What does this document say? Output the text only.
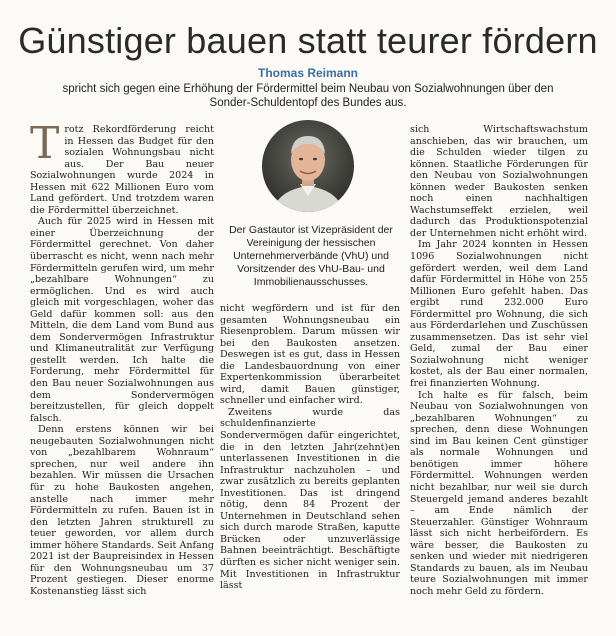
Günstiger bauen statt teurer fördern
Thomas Reimann
spricht sich gegen eine Erhöhung der Fördermittel beim Neubau von Sozialwohnungen über den Sonder-Schuldentopf des Bundes aus.

Trotz Rekordförderung reicht in Hessen das Budget für den sozialen Wohnungsbau nicht aus. Der Bau neuer Sozialwohnungen wurde 2024 in Hessen mit 622 Millionen Euro vom Land gefördert. Und trotzdem waren die Fördermittel überzeichnet.

Auch für 2025 wird in Hessen mit einer Überzeichnung der Fördermittel gerechnet. Von daher überrascht es nicht, wenn nach mehr Fördermitteln gerufen wird, um mehr „bezahlbare Wohnungen“ zu ermöglichen. Und es wird auch gleich mit vorgeschlagen, woher das Geld dafür kommen soll: aus den Mitteln, die dem Land vom Bund aus dem Sondervermögen Infrastruktur und Klimaneutralität zur Verfügung gestellt werden. Ich halte die Forderung, mehr Fördermittel für den Bau neuer Sozialwohnungen aus dem Sondervermögen bereitzustellen, für gleich doppelt falsch.

Denn erstens können wir bei neugebauten Sozialwohnungen nicht von „bezahlbarem Wohnraum“ sprechen, nur weil andere ihn bezahlen. Wir müssen die Ursachen für zu hohe Baukosten angehen, anstelle nach immer mehr Fördermitteln zu rufen. Bauen ist in den letzten Jahren strukturell zu teuer geworden, vor allem durch immer höhere Standards. Seit Anfang 2021 ist der Baupreisindex in Hessen für den Wohnungsneubau um 37 Prozent gestiegen. Dieser enorme Kostenanstieg lässt sich

Der Gastautor ist Vizepräsident der Vereinigung der hessischen Unternehmerverbände (VhU) und Vorsitzender des VhU-Bau- und Immobilienausschusses.

nicht wegfördern und ist für den gesamten Wohnungsneubau ein Riesenproblem. Darum müssen wir bei den Baukosten ansetzen. Deswegen ist es gut, dass in Hessen die Landesbauordnung von einer Expertenkommission überarbeitet wird, damit Bauen günstiger, schneller und einfacher wird.

Zweitens wurde das schuldenfinanzierte Sondervermögen dafür eingerichtet, die in den letzten Jahr(zehnt)en unterlassenen Investitionen in die Infrastruktur nachzuholen – und zwar zusätzlich zu bereits geplanten Investitionen. Das ist dringend nötig, denn 84 Prozent der Unternehmen in Deutschland sehen sich durch marode Straßen, kaputte Brücken oder unzuverlässige Bahnen beeinträchtigt. Beschäftigte dürften es sicher nicht weniger sein. Mit Investitionen in Infrastruktur lässt

sich Wirtschaftswachstum anschieben, das wir brauchen, um die Schulden wieder tilgen zu können. Staatliche Förderungen für den Neubau von Sozialwohnungen können weder Baukosten senken noch einen nachhaltigen Wachstumseffekt erzielen, weil dadurch das Produktionspotenzial der Unternehmen nicht erhöht wird.

Im Jahr 2024 konnten in Hessen 1096 Sozialwohnungen nicht gefördert werden, weil dem Land dafür Fördermittel in Höhe von 255 Millionen Euro gefehlt haben. Das ergibt rund 232.000 Euro Fördermittel pro Wohnung, die sich aus Förderdarlehen und Zuschüssen zusammensetzen. Das ist sehr viel Geld, zumal der Bau einer Sozialwohnung nicht weniger kostet, als der Bau einer normalen, frei finanzierten Wohnung.

Ich halte es für falsch, beim Neubau von Sozialwohnungen von „bezahlbaren Wohnungen“ zu sprechen, denn diese Wohnungen sind im Bau keinen Cent günstiger als normale Wohnungen und benötigen immer höhere Fördermittel. Wohnungen werden nicht bezahlbar, nur weil sie durch Steuergeld jemand anderes bezahlt – am Ende nämlich der Steuerzahler. Günstiger Wohnraum lässt sich nicht herbeifördern. Es wäre besser, die Baukosten zu senken und wieder mit niedrigeren Standards zu bauen, als im Neubau teure Sozialwohnungen mit immer noch mehr Geld zu fördern.
